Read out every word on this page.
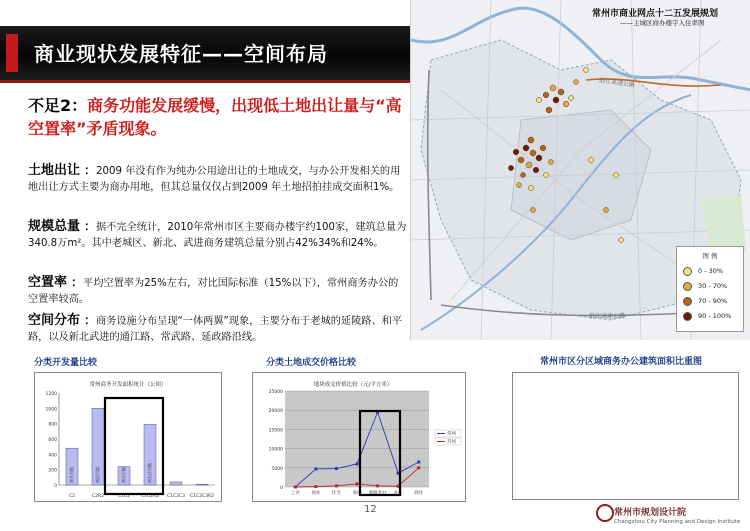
商业现状发展特征——空间布局
不足2：商务功能发展缓慢，出现低土地出让量与“高空置率”矛盾现象。
土地出让 ：2009 年没有作为纯办公用途出让的土地成交，与办公开发相关的用地出让方式主要为商办用地，但其总量仅仅占到2009 年土地招拍挂成交面积1%。
规模总量 ：据不完全统计，2010年常州市区主要商办楼宇约100家，建筑总量为340.8万m²。其中老城区、新北、武进商务建筑总量分别占42%34%和24%。
空置率 ：平均空置率为25%左右，对比国际标准（15%以下），常州商务办公的空置率较高。
空间分布 ：商务设施分布呈现“一体两翼”现象，主要分布于老城的延陵路、和平路，以及新北武进的通江路、常武路、延政路沿线。
沿江高速公路
沿江高速公路
常州市商业网点十二五发展规划
——主城区商办楼宇入住率图
图 例
0 - 30%
30 - 70%
70 - 90%
90 - 100%
分类开发量比较	分类土地成交价格比较	常州市区分区域商务办公建筑面积比重图
常州商务开发面积统计（公顷）
0
200
400
600
800
1000
1200
C2
商业用地
C2R2
商住用地
C1C2
商办用地
C1C2R2
商办住用地
C1C2C3 C1C2C3R2
地块成交价格比较（元/平方米）
0
5000
10000
15000
20000
25000
工业	商业	住宅	商办 商服务办 办公	商住
常州
苏州
12	常州市规划设计院
Changzhou City Planning and Design Institute
